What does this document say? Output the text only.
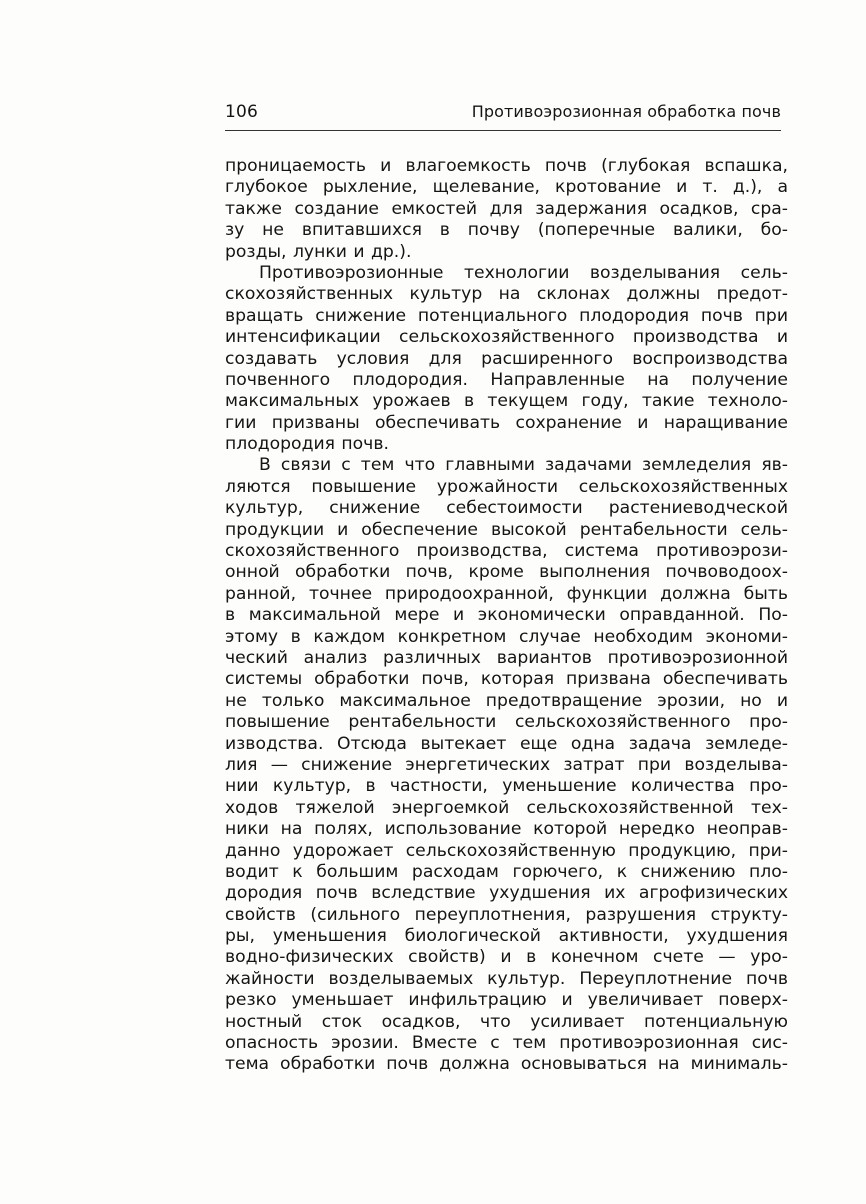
106	Противоэрозионная обработка почв
проницаемость и влагоемкость почв (глубокая вспашка,
глубокое рыхление, щелевание, кротование и т. д.), а
также создание емкостей для задержания осадков, сра-
зу не впитавшихся в почву (поперечные валики, бо-
розды, лунки и др.).
Противоэрозионные технологии возделывания сель-
скохозяйственных культур на склонах должны предот-
вращать снижение потенциального плодородия почв при
интенсификации сельскохозяйственного производства и
создавать условия для расширенного воспроизводства
почвенного плодородия. Направленные на получение
максимальных урожаев в текущем году, такие техноло-
гии призваны обеспечивать сохранение и наращивание
плодородия почв.
В связи с тем что главными задачами земледелия яв-
ляются повышение урожайности сельскохозяйственных
культур, снижение себестоимости растениеводческой
продукции и обеспечение высокой рентабельности сель-
скохозяйственного производства, система противоэрози-
онной обработки почв, кроме выполнения почвоводоох-
ранной, точнее природоохранной, функции должна быть
в максимальной мере и экономически оправданной. По-
этому в каждом конкретном случае необходим экономи-
ческий анализ различных вариантов противоэрозионной
системы обработки почв, которая призвана обеспечивать
не только максимальное предотвращение эрозии, но и
повышение рентабельности сельскохозяйственного про-
изводства. Отсюда вытекает еще одна задача земледе-
лия — снижение энергетических затрат при возделыва-
нии культур, в частности, уменьшение количества про-
ходов тяжелой энергоемкой сельскохозяйственной тех-
ники на полях, использование которой нередко неоправ-
данно удорожает сельскохозяйственную продукцию, при-
водит к большим расходам горючего, к снижению пло-
дородия почв вследствие ухудшения их агрофизических
свойств (сильного переуплотнения, разрушения структу-
ры, уменьшения биологической активности, ухудшения
водно-физических свойств) и в конечном счете — уро-
жайности возделываемых культур. Переуплотнение почв
резко уменьшает инфильтрацию и увеличивает поверх-
ностный сток осадков, что усиливает потенциальную
опасность эрозии. Вместе с тем противоэрозионная сис-
тема обработки почв должна основываться на минималь-
